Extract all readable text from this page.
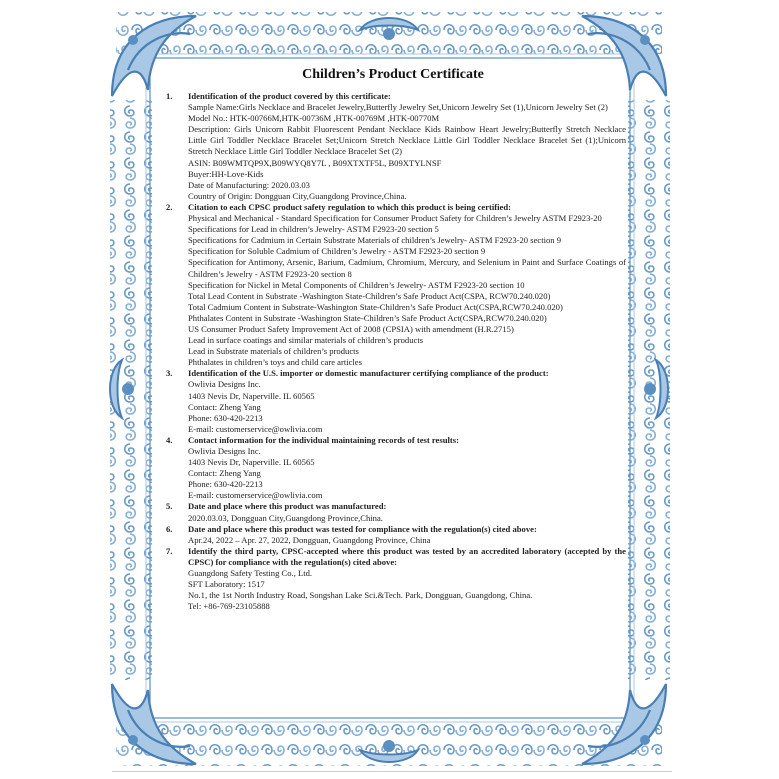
Children’s Product Certificate
1.	Identification of the product covered by this certificate:
Sample Name:Girls Necklace and Bracelet Jewelry,Butterfly Jewelry Set,Unicorn Jewelry Set (1),Unicorn Jewelry Set (2)
Model No.: HTK-00766M,HTK-00736M ,HTK-00769M ,HTK-00770M
Description: Girls Unicorn Rabbit Fluorescent Pendant Necklace Kids Rainbow Heart Jewelry;Butterfly Stretch Necklace Little Girl Toddler Necklace Bracelet Set;Unicorn Stretch Necklace Little Girl Toddler Necklace Bracelet Set (1);Unicorn Stretch Necklace Little Girl Toddler Necklace Bracelet Set (2)
ASIN: B09WMTQP9X,B09WYQ8Y7L , B09XTXTF5L, B09XTYLNSF
Buyer:HH-Love-Kids
Date of Manufacturing: 2020.03.03
Country of Origin: Dongguan City,Guangdong Province,China.
2.	Citation to each CPSC product safety regulation to which this product is being certified:
Physical and Mechanical - Standard Specification for Consumer Product Safety for Children’s Jewelry ASTM F2923-20
Specifications for Lead in children’s Jewelry- ASTM F2923-20 section 5
Specifications for Cadmium in Certain Substrate Materials of children’s Jewelry- ASTM F2923-20 section 9
Specification for Soluble Cadmium of Children’s Jewelry - ASTM F2923-20 section 9
Specification for Antimony, Arsenic, Barium, Cadmium, Chromium, Mercury, and Selenium in Paint and Surface Coatings of Children’s Jewelry - ASTM F2923-20 section 8
Specification for Nickel in Metal Components of Children’s Jewelry- ASTM F2923-20 section 10
Total Lead Content in Substrate -Washington State-Children’s Safe Product Act(CSPA, RCW70.240.020)
Total Cadmium Content in Substrate-Washington State-Children’s Safe Product Act(CSPA,RCW70.240.020)
Phthalates Content in Substrate -Washington State-Children’s Safe Product Act(CSPA,RCW70.240.020)
US Consumer Product Safety Improvement Act of 2008 (CPSIA) with amendment (H.R.2715)
Lead in surface coatings and similar materials of children’s products
Lead in Substrate materials of children’s products
Phthalates in children’s toys and child care articles
3.	Identification of the U.S. importer or domestic manufacturer certifying compliance of the product:
Owlivia Designs Inc.
1403 Nevis Dr, Naperville. IL 60565
Contact: Zheng Yang
Phone: 630-420-2213
E-mail: customerservice@owlivia.com
4.	Contact information for the individual maintaining records of test results:
Owlivia Designs Inc.
1403 Nevis Dr, Naperville. IL 60565
Contact: Zheng Yang
Phone: 630-420-2213
E-mail: customerservice@owlivia.com
5.	Date and place where this product was manufactured:
2020.03.03, Dongguan City,Guangdong Province,China.
6.	Date and place where this product was tested for compliance with the regulation(s) cited above:
Apr.24, 2022 – Apr. 27, 2022, Dongguan, Guangdong Province, China
7.	Identify the third party, CPSC-accepted where this product was tested by an accredited laboratory (accepted by the CPSC) for compliance with the regulation(s) cited above:
Guangdong Safety Testing Co., Ltd.
SFT Laboratory: 1517
No.1, the 1st North Industry Road, Songshan Lake Sci.&Tech. Park, Dongguan, Guangdong, China.
Tel: +86-769-23105888
